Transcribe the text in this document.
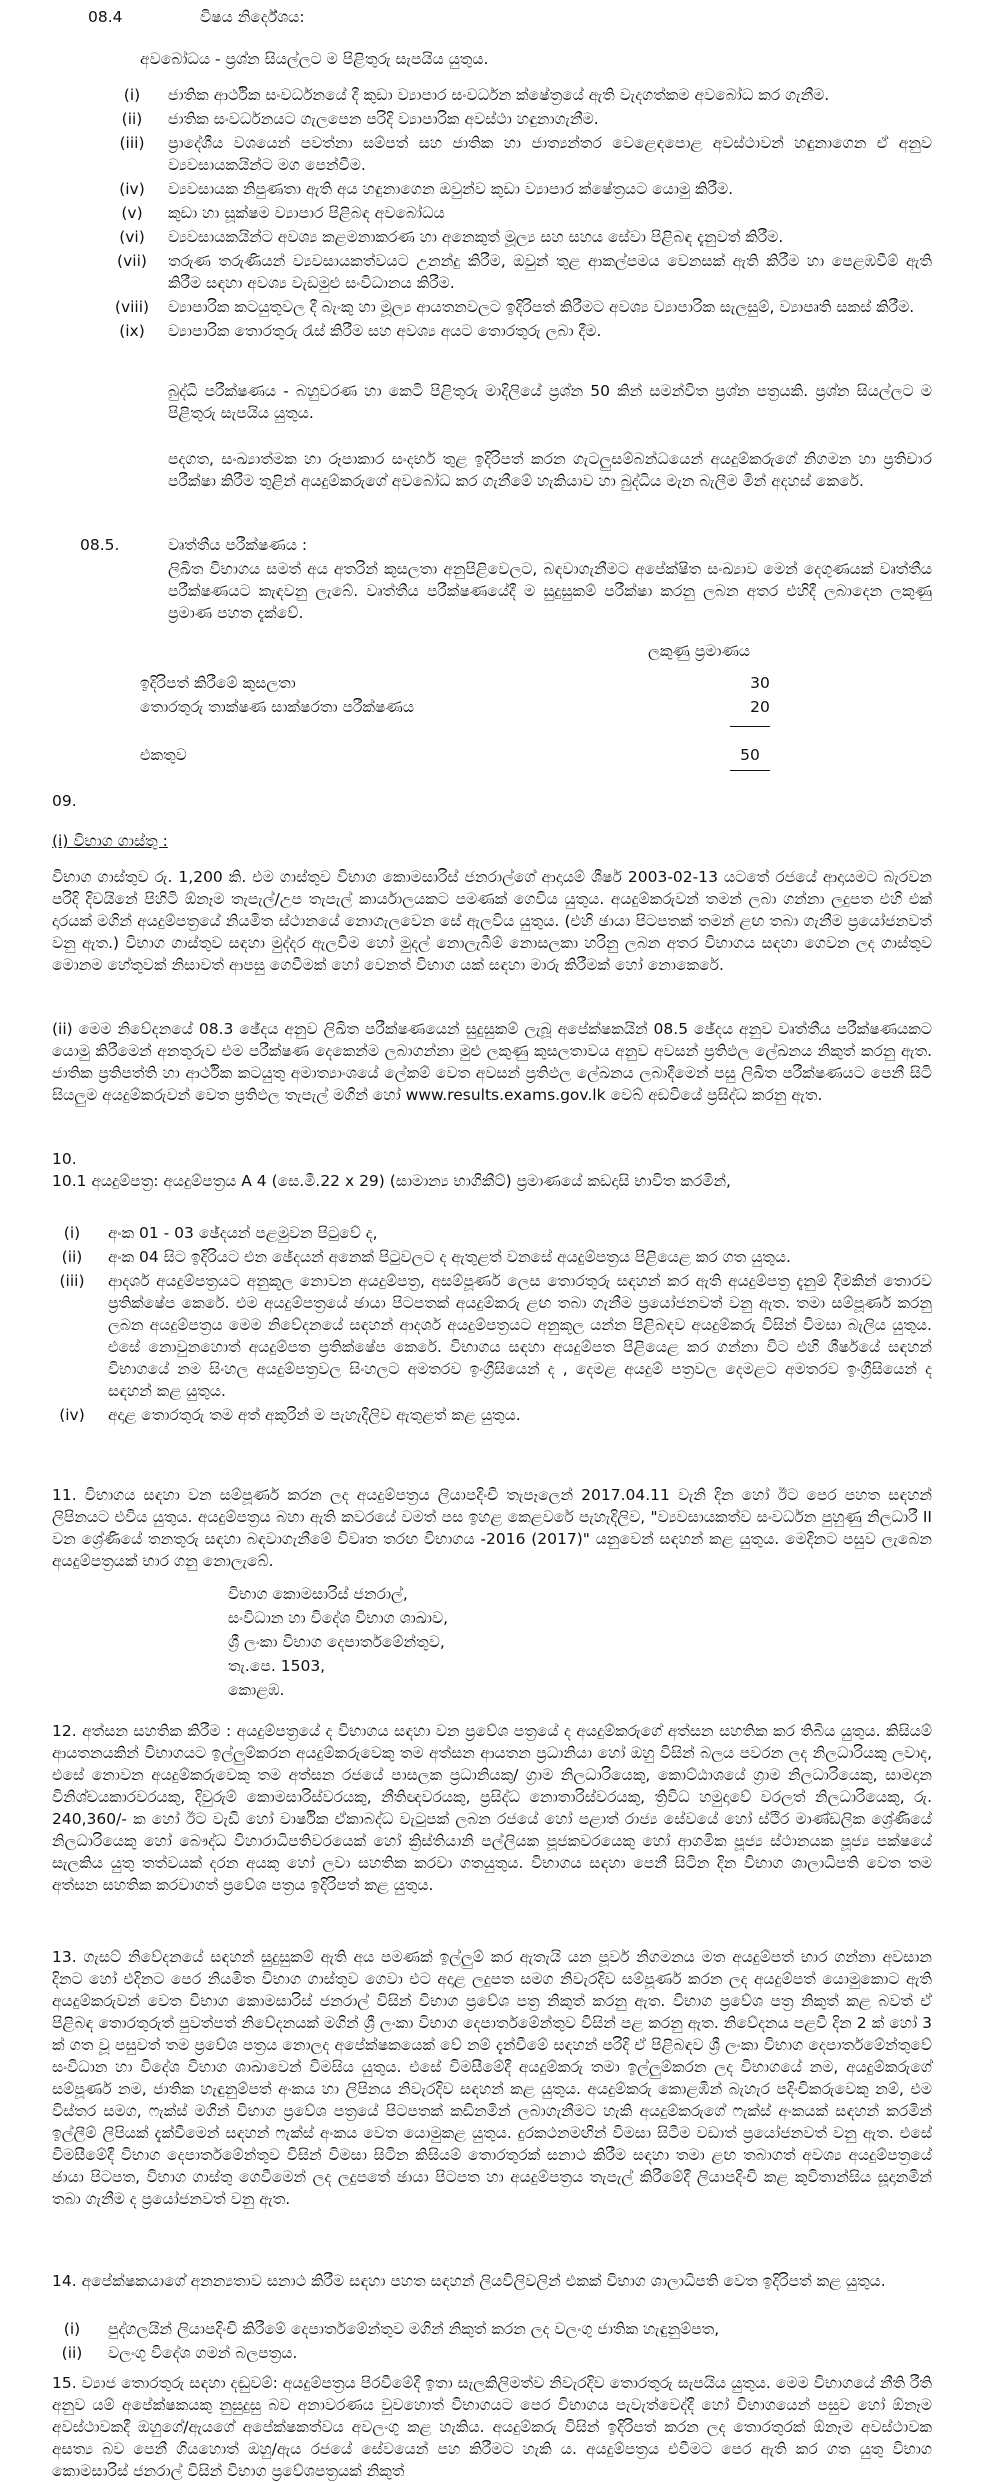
08.4	විෂය නිර්දේශය:
අවබෝධය - ප්‍රශ්න සියල්ලට ම පිළිතුරු සැපයිය යුතුය.
(i)	ජාතික ආර්ථික සංවර්ධනයේ දී කුඩා ව්‍යාපාර සංවර්ධන ක්ෂේත්‍රයේ ඇති වැදගත්කම අවබෝධ කර ගැනීම.
(ii)	ජාතික සංවර්ධනයට ගැලපෙන පරිදි ව්‍යාපාරික අවස්ථා හඳුනාගැනීම.
(iii)	ප්‍රාදේශීය වශයෙන් පවත්නා සම්පත් සහ ජාතික හා ජාත්‍යන්තර වෙළෙඳපොළ අවස්ථාවන් හඳුනාගෙන ඒ අනුව ව්‍යවසායකයින්ට මග පෙන්වීම.
(iv)	ව්‍යවසායක නිපුණතා ඇති අය හඳුනාගෙන ඔවුන්ව කුඩා ව්‍යාපාර ක්ෂේත්‍රයට යොමු කිරීම.
(v)	කුඩා හා සූක්ෂම ව්‍යාපාර පිළිබඳ අවබෝධය
(vi)	ව්‍යවසායකයින්ට අවශ්‍ය කළමනාකරණ හා අනෙකුත් මූල්‍ය සහ සහය සේවා පිළිබඳ දැනුවත් කිරීම.
(vii)	තරුණ තරුණියන් ව්‍යවසායකත්වයට උනන්දු කිරීම, ඔවුන් තුළ ආකල්පමය වෙනසක් ඇති කිරීම හා පෙළඹවීම් ඇති කිරීම සඳහා අවශ්‍ය වැඩමුළු සංවිධානය කිරීම.
(viii) ව්‍යාපාරික කටයුතුවල දී බැංකු හා මූල්‍ය ආයතනවලට ඉදිරිපත් කිරීමට අවශ්‍ය ව්‍යාපාරික සැලසුම්, ව්‍යාපෘති සකස් කිරීම.
(ix)	ව්‍යාපාරික තොරතුරු රැස් කිරීම සහ අවශ්‍ය අයට තොරතුරු ලබා දීම.
බුද්ධි පරීක්ෂණය - බහුවරණ හා කෙටි පිළිතුරු මාදිලියේ ප්‍රශ්න 50 කින් සමන්විත ප්‍රශ්න පත්‍රයකි. ප්‍රශ්න සියල්ලට ම පිළිතුරු සැපයිය යුතුය.
පදගත, සංඛ්‍යාත්මක හා රූපාකාර සංදර්භ තුළ ඉදිරිපත් කරන ගැටලුසම්බන්ධයෙන් අයදුම්කරුගේ නිගමන හා ප්‍රතිචාර පරීක්ෂා කිරීම තුළින් අයදුම්කරුගේ අවබෝධ කර ගැනීමේ හැකියාව හා බුද්ධිය මැන බැලීම මින් අදහස් කෙරේ.
08.5.	වෘත්තීය පරීක්ෂණය :
ලිඛිත විභාගය සමත් අය අතරින් කුසලතා අනුපිළිවෙලට, බඳවාගැනීමට අපේක්ෂිත සංඛ්‍යාව මෙන් දෙගුණයක් වෘත්තීය පරීක්ෂණයට කැඳවනු ලැබේ. වෘත්තීය පරීක්ෂණයේදී ම සුදුසුකම් පරීක්ෂා කරනු ලබන අතර එහිදී ලබාදෙන ලකුණු ප්‍රමාණ පහත දැක්වේ.
ලකුණු ප්‍රමාණය
ඉදිරිපත් කිරීමේ කුසලතා	30
තොරතුරු තාක්ෂණ සාක්ෂරතා පරීක්ෂණය	20
එකතුව	50
09.
(i) විභාග ගාස්තු :
විභාග ගාස්තුව රු. 1,200 කි. එම ගාස්තුව විභාග කොමසාරිස් ජනරාල්ගේ ආදායම් ශීර්ෂ 2003-02-13 යටතේ රජයේ ආදායමට බැරවන පරිදි දිවයිනේ පිහිටි ඕනෑම තැපැල්/උප තැපැල් කාර්යාලයකට පමණක් ගෙවිය යුතුය. අයදුම්කරුවන් තමන් ලබා ගන්නා ලදුපත එහි එක් දාරයක් මගින් අයදුම්පත්‍රයේ නියමිත ස්ථානයේ නොගැලවෙන සේ ඇලවිය යුතුය. (එහි ඡායා පිටපතක් තමන් ළඟ තබා ගැනීම ප්‍රයෝජනවත් වනු ඇත.) විභාග ගාස්තුව සඳහා මුද්දර ඇලවීම හෝ මුදල් නොලැබීම් නොසලකා හරිනු ලබන අතර විභාගය සඳහා ගෙවන ලද ගාස්තුව මොනම හේතුවක් නිසාවත් ආපසු ගෙවීමක් හෝ වෙනත් විභාග යක් සඳහා මාරු කිරීමක් හෝ නොකෙරේ.
(ii) මෙම නිවේදනයේ 08.3 ඡේදය අනුව ලිඛිත පරීක්ෂණයෙන් සුදුසුකම් ලැබූ අපේක්ෂකයින් 08.5 ඡේදය අනුව වෘත්තීය පරීක්ෂණයකට යොමු කිරීමෙන් අනතුරුව එම පරීක්ෂණ දෙකෙන්ම ලබාගන්නා මුළු ලකුණු කුසලතාවය අනුව අවසන් ප්‍රතිඵල ලේඛනය නිකුත් කරනු ඇත. ජාතික ප්‍රතිපත්ති හා ආර්ථික කටයුතු අමාත්‍යාංශයේ ලේකම් වෙත අවසන් ප්‍රතිඵල ලේඛනය ලබාදීමෙන් පසු ලිඛිත පරීක්ෂණයට පෙනී සිටි සියලුම අයදුම්කරුවන් වෙත ප්‍රතිඵල තැපැල් මගින් හෝ www.results.exams.gov.lk වෙබ් අඩවියේ ප්‍රසිද්ධ කරනු ඇත.
10.
10.1 අයදුම්පත්‍ර: අයදුම්පත්‍රය A 4 (සෙ.මී.22 x 29) (සාමාන්‍ය භාගිකීට්) ප්‍රමාණයේ කඩදාසි භාවිත කරමින්,
(i)	අංක 01 - 03 ඡේදයන් පළමුවන පිටුවේ ද,
(ii)	අංක 04 සිට ඉදිරියට එන ඡේදයන් අනෙක් පිටුවලට ද ඇතුළත් වනසේ අයදුම්පත්‍රය පිළියෙළ කර ගත යුතුය.
(iii)	ආදර්ශ අයදුම්පත්‍රයට අනුකූල නොවන අයදුම්පත්‍ර, අසම්පූර්ණ ලෙස තොරතුරු සඳහන් කර ඇති අයදුම්පත්‍ර දැනුම් දීමකින් තොරව ප්‍රතික්ෂේප කෙරේ. එම අයදුම්පත්‍රයේ ඡායා පිටපතක් අයදුම්කරු ළඟ තබා ගැනීම ප්‍රයෝජනවත් වනු ඇත. තමා සම්පූර්ණ කරනු ලබන අයදුම්පත්‍රය මෙම නිවේදනයේ සඳහන් ආදර්ශ අයදුම්පත්‍රයට අනුකූල යන්න පිළිබඳව අයදුම්කරු විසින් විමසා බැලිය යුතුය. එසේ නොවුනහොත් අයදුම්පත ප්‍රතික්ෂේප කෙරේ. විභාගය සඳහා අයදුම්පත පිළියෙළ කර ගන්නා විට එහි ශීර්ෂයේ සඳහන් විභාගයේ නම සිංහල අයදුම්පත්‍රවල සිංහලට අමතරව ඉංග්‍රීසියෙන් ද , දෙමළ අයදුම් පත්‍රවල දෙමළට අමතරව ඉංග්‍රීසියෙන් ද සඳහන් කළ යුතුය.
(iv)	අදාළ තොරතුරු තම අත් අකුරින් ම පැහැදිලිව ඇතුළත් කළ යුතුය.
11. විභාගය සඳහා වන සම්පූර්ණ කරන ලද අයදුම්පත්‍රය ලියාපදිංචි තැපෑලෙන් 2017.04.11 වැනි දින හෝ ඊට පෙර පහත සඳහන් ලිපිනයට එවිය යුතුය. අයදුම්පත්‍රය බහා ඇති කවරයේ වමත් පස ඉහළ කෙළවරේ පැහැදිලිව, "ව්‍යවසායකත්ව සංවර්ධන පුහුණු නිලධාරී II වන ශ්‍රේණියේ තනතුරු සඳහා බඳවාගැනීමේ විවෘත තරඟ විභාගය -2016 (2017)" යනුවෙන් සඳහන් කළ යුතුය. මෙදිනට පසුව ලැබෙන අයදුම්පත්‍රයක් භාර ගනු නොලැබේ.
විභාග කොමසාරිස් ජනරාල්,
සංවිධාන හා විදේශ විභාග ශාඛාව,
ශ්‍රී ලංකා විභාග දෙපාර්තමේන්තුව,
තැ.පෙ. 1503,
කොළඹ.
12. අත්සන සහතික කිරීම : අයදුම්පත්‍රයේ ද විභාගය සඳහා වන ප්‍රවේශ පත්‍රයේ ද අයදුම්කරුගේ අත්සන සහතික කර තිබිය යුතුය. කිසියම් ආයතනයකින් විභාගයට ඉල්ලුම්කරන අයදුම්කරුවෙකු තම අත්සන ආයතන ප්‍රධානියා හෝ ඔහු විසින් බලය පවරන ලද නිලධාරියකු ලවාද, එසේ නොවන අයදුම්කරුවෙකු තම අත්සන රජයේ පාසලක ප්‍රධානියකු/ ග්‍රාම නිලධාරියෙකු, කොට්ඨාශයේ ග්‍රාම නිලධාරියෙකු, සාමදාන විනිශ්චයකාරවරයකු, දිවුරුම් කොමසාරිස්වරයකු, නීතිඥවරයකු, ප්‍රසිද්ධ නොතාරිස්වරයකු, ත්‍රිවිධ හමුදාවේ වරලත් නිලධාරියෙකු, රු. 240,360/- ක හෝ ඊට වැඩි හෝ වාර්ෂික ඒකාබද්ධ වැටුපක් ලබන රජයේ හෝ පළාත් රාජ්‍ය සේවයේ හෝ ස්ථිර මාණ්ඩලික ශ්‍රේණියේ නිලධාරියෙකු හෝ බෞද්ධ විහාරාධිපතිවරයෙක් හෝ ක්‍රිස්තියානි පල්ලියක පූජකවරයෙකු හෝ ආගමික පූජ්‍ය ස්ථානයක පූජ්‍ය පක්ෂයේ සැලකිය යුතු තත්වයක් දරන අයකු හෝ ලවා සහතික කරවා ගතයුතුය. විභාගය සඳහා පෙනී සිටින දින විභාග ශාලාධිපති වෙත තම අත්සන සහතික කරවාගත් ප්‍රවේශ පත්‍රය ඉදිරිපත් කළ යුතුය.
13. ගැසට් නිවේදනයේ සඳහන් සුදුසුකම් ඇති අය පමණක් ඉල්ලුම් කර ඇතැයි යන පූර්ව නිගමනය මත අයදුම්පත් භාර ගන්නා අවසාන දිනට හෝ එදිනට පෙර නියමිත විභාග ගාස්තුව ගෙවා එට අදාළ ලදුපත සමග නිවැරදිව සම්පූර්ණ කරන ලද අයදුම්පත් යොමුකොට ඇති අයදුම්කරුවන් වෙත විභාග කොමසාරිස් ජනරාල් විසින් විභාග ප්‍රවේශ පත්‍ර නිකුත් කරනු ඇත. විභාග ප්‍රවේශ පත්‍ර නිකුත් කළ බවත් ඒ පිළිබඳ තොරතුරුත් පුවත්පත් නිවේදනයක් මගින් ශ්‍රී ලංකා විභාග දෙපාර්තමේන්තුව විසින් පළ කරනු ඇත. නිවේදනය පළවී දින 2 ක් හෝ 3 ක් ගත වූ පසුවත් තම ප්‍රවේශ පත්‍රය නොලද අපේක්ෂකයෙක් වේ නම් දැන්වීමේ සඳහන් පරිදි ඒ පිළිබඳව ශ්‍රී ලංකා විභාග දෙපාර්තමේන්තුවේ සංවිධාන හා විදේශ විභාග ශාඛාවෙන් විමසිය යුතුය. එසේ විමසීමේදී අයදුම්කරු තමා ඉල්ලුම්කරන ලද විභාගයේ නම, අයදුම්කරුගේ සම්පූර්ණ නම, ජාතික හැඳුනුම්පත් අංකය හා ලිපිනය නිවැරදිව සඳහන් කළ යුතුය. අයදුම්කරු කොළඹින් බැහැර පදිංචිකරුවෙකු නම්, එම විස්තර සමග, ෆැක්ස් මගින් විභාග ප්‍රවේශ පත්‍රයේ පිටපතක් කඩිනමින් ලබාගැනීමට හැකි අයදුම්කරුගේ ෆැක්ස් අංකයක් සඳහන් කරමින් ඉල්ලීම් ලිපියක් දැක්වීමෙන් සඳහන් ෆැක්ස් අංකය වෙත යොමුකළ යුතුය. දුරකථනමඟින් විමසා සිටීම වඩාත් ප්‍රයෝජනවත් වනු ඇත. එසේ විමසීමේදී විභාග දෙපාර්තමේන්තුව විසින් විමසා සිටින කිසියම් තොරතුරක් සනාථ කිරීම සඳහා තමා ළඟ තබාගත් අවශ්‍ය අයදුම්පත්‍රයේ ඡායා පිටපත, විභාග ගාස්තු ගෙවීමෙන් ලද ලදුපතේ ඡායා පිටපත හා අයදුම්පත්‍රය තැපැල් කිරීමේදී ලියාපදිංචි කළ කුවිතාන්සිය සූදානමින් තබා ගැනීම ද ප්‍රයෝජනවත් වනු ඇත.
14. අපේක්ෂකයාගේ අනන්‍යතාව සනාථ කිරීම සඳහා පහත සඳහන් ලියවිලිවලින් එකක් විභාග ශාලාධිපති වෙත ඉදිරිපත් කළ යුතුය.
(i)	පුද්ගලයින් ලියාපදිංචි කිරීමේ දෙපාර්තමේන්තුව මගින් නිකුත් කරන ලද වලංගු ජාතික හැඳුනුම්පත,
(ii)	වලංගු විදේශ ගමන් බලපත්‍රය.
15. ව්‍යාජ තොරතුරු සඳහා දඬුවම්: අයදුම්පත්‍රය පිරවීමේදී ඉතා සැලකිලිමත්ව නිවැරදිව තොරතුරු සැපයිය යුතුය. මෙම විභාගයේ නීති රීති අනුව යම් අපේක්ෂකයකු නුසුදුසු බව අනාවරණය වුවහොත් විභාගයට පෙර විභාගය පැවැත්වෙද්දී හෝ විභාගයෙන් පසුව හෝ ඕනෑම අවස්ථාවකදී ඔහුගේ/ඇයගේ අපේක්ෂකත්වය අවලංගු කළ හැකිය. අයදුම්කරු විසින් ඉදිරිපත් කරන ලද තොරතුරක් ඕනෑම අවස්ථාවක අසත්‍ය බව පෙනී ගියහොත් ඔහු/ඇය රජයේ සේවයෙන් පහ කිරීමට හැකි ය. අයදුම්පත්‍රය එවීමට පෙර ඇති කර ගත යුතු විභාග කොමසාරිස් ජනරාල් විසින් විභාග ප්‍රවේශපත්‍රයක් නිකුත්
